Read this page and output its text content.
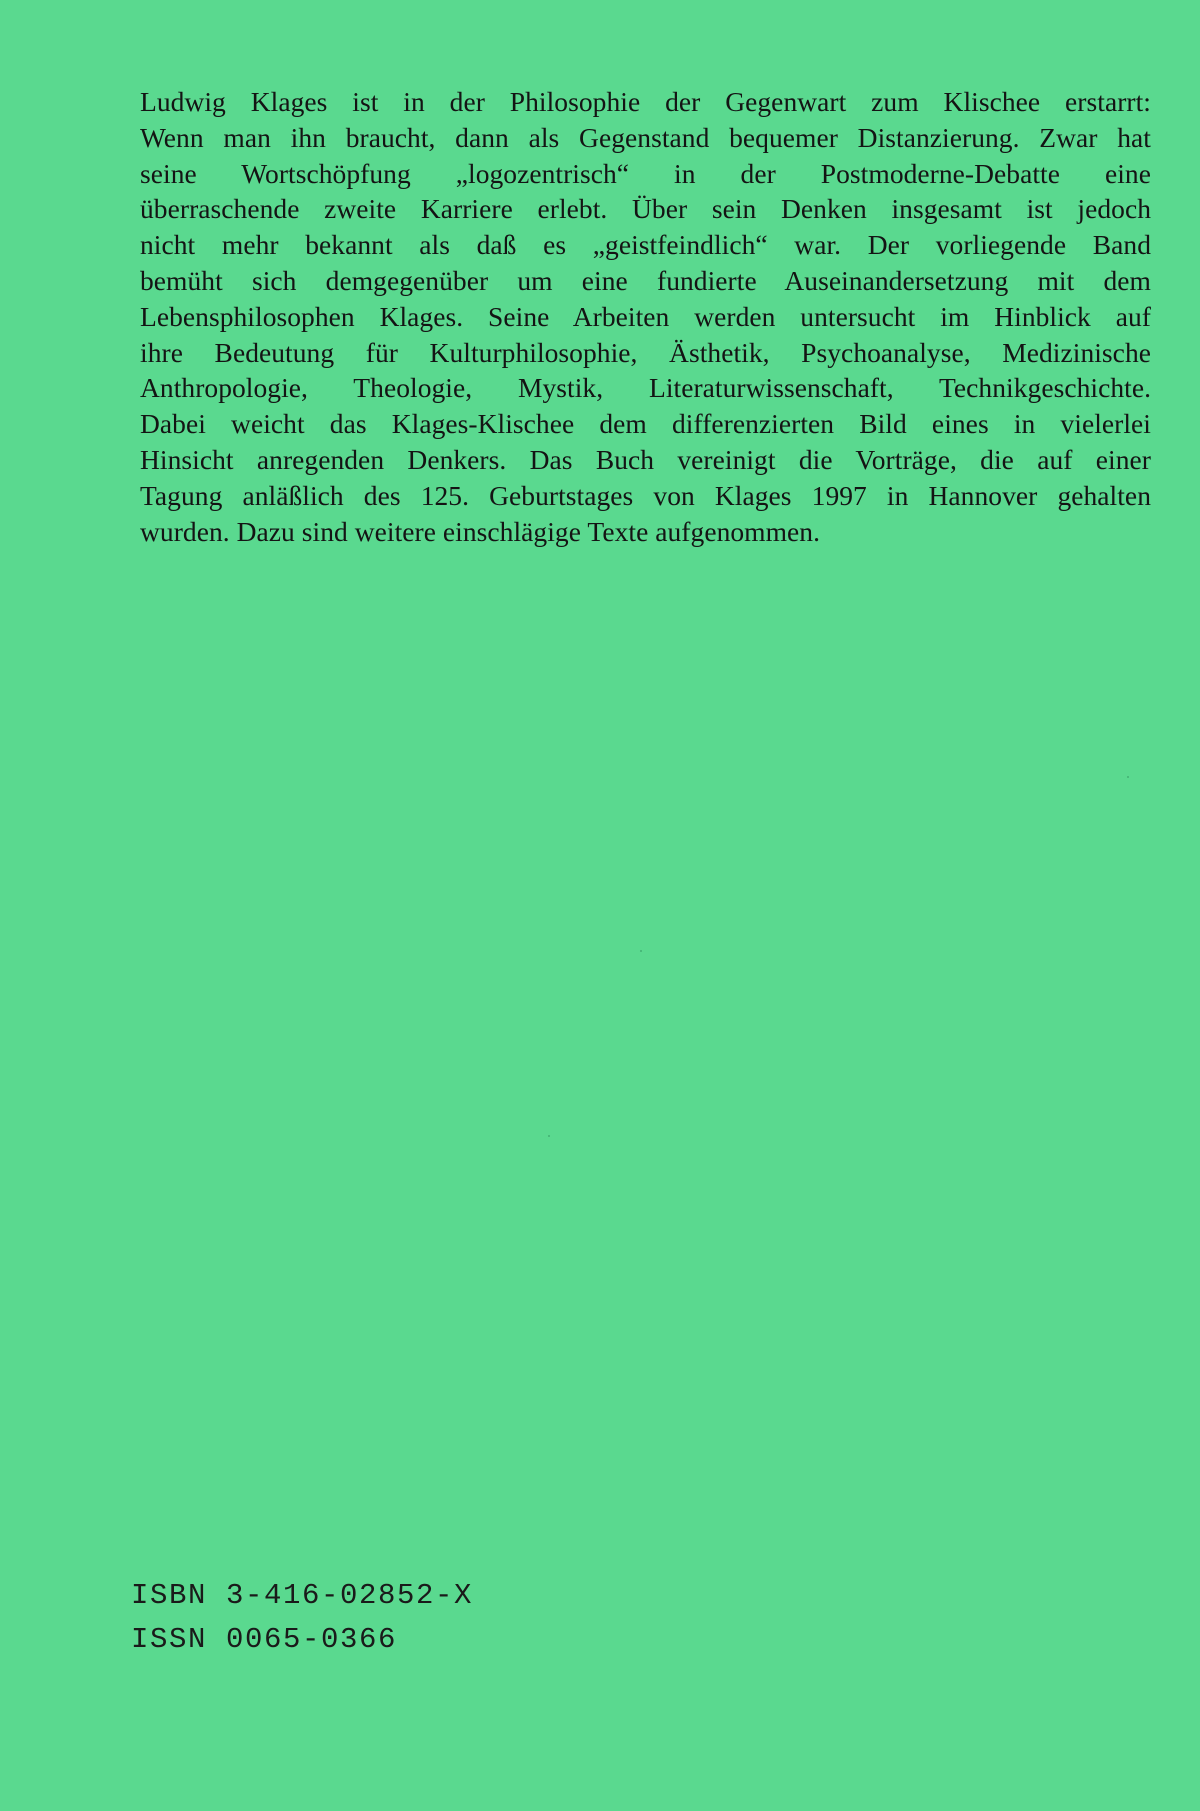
Ludwig Klages ist in der Philosophie der Gegenwart zum Klischee erstarrt:
Wenn man ihn braucht, dann als Gegenstand bequemer Distanzierung. Zwar hat
seine Wortschöpfung „logozentrisch“ in der Postmoderne-Debatte eine
überraschende zweite Karriere erlebt. Über sein Denken insgesamt ist jedoch
nicht mehr bekannt als daß es „geistfeindlich“ war. Der vorliegende Band
bemüht sich demgegenüber um eine fundierte Auseinandersetzung mit dem
Lebensphilosophen Klages. Seine Arbeiten werden untersucht im Hinblick auf
ihre Bedeutung für Kulturphilosophie, Ästhetik, Psychoanalyse, Medizinische
Anthropologie, Theologie, Mystik, Literaturwissenschaft, Technikgeschichte.
Dabei weicht das Klages-Klischee dem differenzierten Bild eines in vielerlei
Hinsicht anregenden Denkers. Das Buch vereinigt die Vorträge, die auf einer
Tagung anläßlich des 125. Geburtstages von Klages 1997 in Hannover gehalten
wurden. Dazu sind weitere einschlägige Texte aufgenommen.

ISBN 3-416-02852-X
ISSN 0065-0366
